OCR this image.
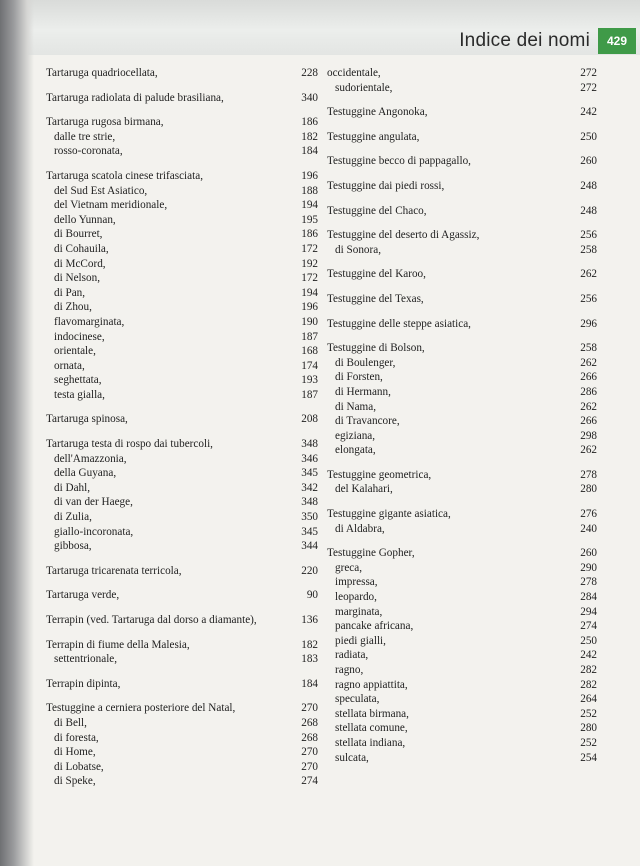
Indice dei nomi	429
Tartaruga quadriocellata,	228
Tartaruga radiolata di palude brasiliana,	340
Tartaruga rugosa birmana,	186
dalle tre strie,	182
rosso-coronata,	184
Tartaruga scatola cinese trifasciata,	196
del Sud Est Asiatico,	188
del Vietnam meridionale,	194
dello Yunnan,	195
di Bourret,	186
di Cohauila,	172
di McCord,	192
di Nelson,	172
di Pan,	194
di Zhou,	196
flavomarginata,	190
indocinese,	187
orientale,	168
ornata,	174
seghettata,	193
testa gialla,	187
Tartaruga spinosa,	208
Tartaruga testa di rospo dai tubercoli,	348
dell'Amazzonia,	346
della Guyana,	345
di Dahl,	342
di van der Haege,	348
di Zulia,	350
giallo-incoronata,	345
gibbosa,	344
Tartaruga tricarenata terricola,	220
Tartaruga verde,	90
Terrapin (ved. Tartaruga dal dorso a diamante),	136
Terrapin di fiume della Malesia,	182
settentrionale,	183
Terrapin dipinta,	184
Testuggine a cerniera posteriore del Natal,	270
di Bell,	268
di foresta,	268
di Home,	270
di Lobatse,	270
di Speke,	274
occidentale,	272
sudorientale,	272
Testuggine Angonoka,	242
Testuggine angulata,	250
Testuggine becco di pappagallo,	260
Testuggine dai piedi rossi,	248
Testuggine del Chaco,	248
Testuggine del deserto di Agassiz,	256
di Sonora,	258
Testuggine del Karoo,	262
Testuggine del Texas,	256
Testuggine delle steppe asiatica,	296
Testuggine di Bolson,	258
di Boulenger,	262
di Forsten,	266
di Hermann,	286
di Nama,	262
di Travancore,	266
egiziana,	298
elongata,	262
Testuggine geometrica,	278
del Kalahari,	280
Testuggine gigante asiatica,	276
di Aldabra,	240
Testuggine Gopher,	260
greca,	290
impressa,	278
leopardo,	284
marginata,	294
pancake africana,	274
piedi gialli,	250
radiata,	242
ragno,	282
ragno appiattita,	282
speculata,	264
stellata birmana,	252
stellata comune,	280
stellata indiana,	252
sulcata,	254
